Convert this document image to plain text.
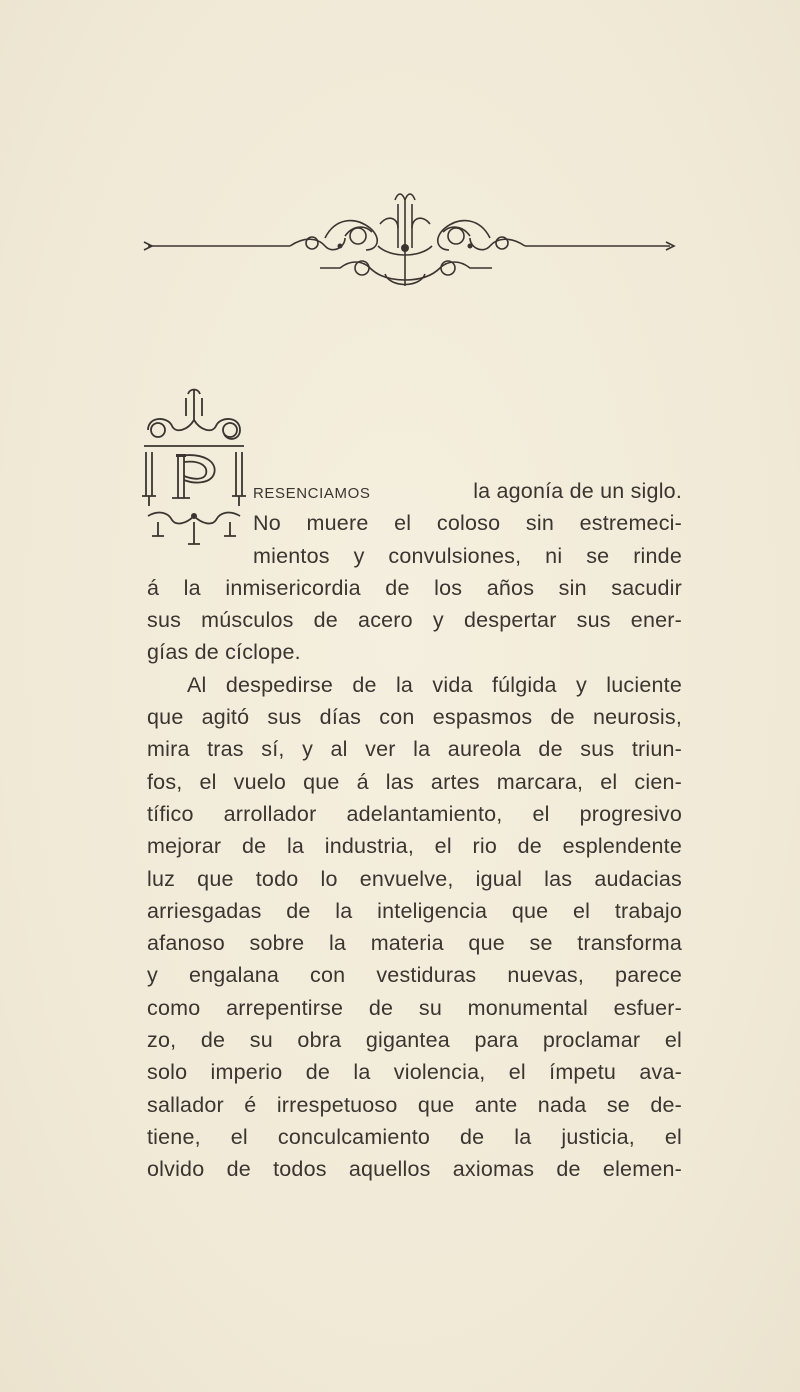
resenciamos	la agonía de un siglo.
No muere el coloso sin estremeci-
mientos y convulsiones, ni se rinde
á la inmisericordia de los años sin sacudir
sus músculos de acero y despertar sus ener-
gías de cíclope.
Al despedirse de la vida fúlgida y luciente
que agitó sus días con espasmos de neurosis,
mira tras sí, y al ver la aureola de sus triun-
fos, el vuelo que á las artes marcara, el cien-
tífico arrollador adelantamiento, el progresivo
mejorar de la industria, el rio de esplendente
luz que todo lo envuelve, igual las audacias
arriesgadas de la inteligencia que el trabajo
afanoso sobre la materia que se transforma
y engalana con vestiduras nuevas, parece
como arrepentirse de su monumental esfuer-
zo, de su obra gigantea para proclamar el
solo imperio de la violencia, el ímpetu ava-
sallador é irrespetuoso que ante nada se de-
tiene, el conculcamiento de la justicia, el
olvido de todos aquellos axiomas de elemen-
